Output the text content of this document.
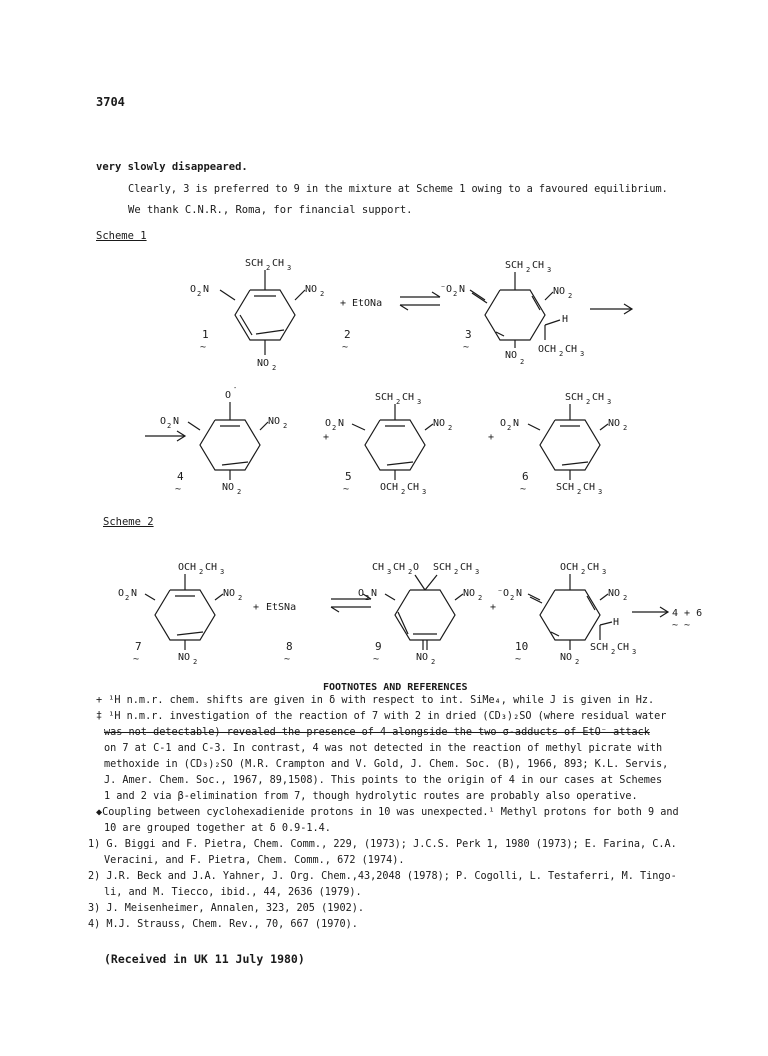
3704
very slowly disappeared.
Clearly, 3 is preferred to 9 in the mixture at Scheme 1 owing to a favoured equilibrium.
We thank C.N.R., Roma, for financial support.
Scheme 1
SCH 2 CH 3
O 2 N	NO 2
NO 2
1
~
+ EtONa
2
~
SCH 2 CH 3
⁻O 2 N	NO 2
H
OCH 2 CH 3
NO
2
3
~
O
-
O 2 N	NO 2
NO 2
4
~
+
SCH 2 CH 3
O 2 N	NO 2
OCH 2 CH 3
5
~
+
SCH 2 CH 3
O 2 N	NO 2
SCH 2 CH 3
6
~
Scheme 2
OCH 2 CH 3
O 2 N	NO 2
NO 2
7
~
+ EtSNa
8
~
CH 3 CH 2 O SCH 2 CH 3
O 2 N	NO 2
NO 2
9
~
+
OCH 2 CH 3
⁻O 2 N	NO 2
H
SCH 2 CH 3
NO 2
10
~
4 + 6
~ ~
FOOTNOTES AND REFERENCES
+ ¹H n.m.r. chem. shifts are given in δ with respect to int. SiMe₄, while J is given in Hz.
‡ ¹H n.m.r. investigation of the reaction of 7 with 2 in dried (CD₃)₂SO (where residual water
was not detectable) revealed the presence of 4 alongside the two σ-adducts of EtO⁻ attack
on 7 at C-1 and C-3. In contrast, 4 was not detected in the reaction of methyl picrate with
methoxide in (CD₃)₂SO (M.R. Crampton and V. Gold, J. Chem. Soc. (B), 1966, 893; K.L. Servis,
J. Amer. Chem. Soc., 1967, 89,1508). This points to the origin of 4 in our cases at Schemes
1 and 2 via β-elimination from 7, though hydrolytic routes are probably also operative.
◆Coupling between cyclohexadienide protons in 10 was unexpected.¹ Methyl protons for both 9 and
10 are grouped together at δ 0.9-1.4.
1) G. Biggi and F. Pietra, Chem. Comm., 229, (1973); J.C.S. Perk 1, 1980 (1973); E. Farina, C.A.
Veracini, and F. Pietra, Chem. Comm., 672 (1974).
2) J.R. Beck and J.A. Yahner, J. Org. Chem.,43,2048 (1978); P. Cogolli, L. Testaferri, M. Tingo-
li, and M. Tiecco, ibid., 44, 2636 (1979).
3) J. Meisenheimer, Annalen, 323, 205 (1902).
4) M.J. Strauss, Chem. Rev., 70, 667 (1970).
(Received in UK 11 July 1980)
